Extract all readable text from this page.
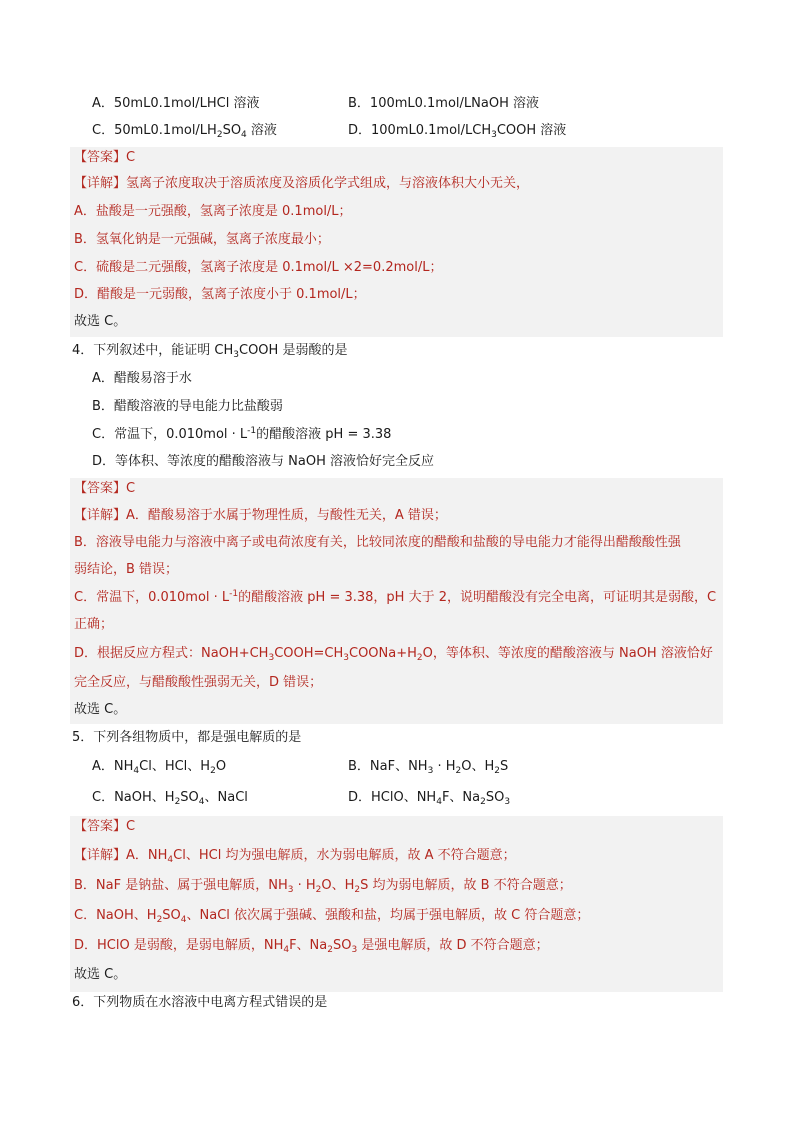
A．50mL0.1mol/LHCl 溶液	B．100mL0.1mol/LNaOH 溶液
C．$50mL0.1mol/LH_2SO_4$ 溶液	D．$100mL0.1mol/LCH_3COOH$ 溶液
【答案】C
【详解】氢离子浓度取决于溶质浓度及溶质化学式组成，与溶液体积大小无关，
A．盐酸是一元强酸，氢离子浓度是 0.1mol/L；
B．氢氧化钠是一元强碱，氢离子浓度最小；
C．硫酸是二元强酸，氢离子浓度是 0.1mol/L ×2=0.2mol/L；
D．醋酸是一元弱酸，氢离子浓度小于 0.1mol/L；
故选 C。
4．下列叙述中，能证明 $CH_3COOH$ 是弱酸的是
A．醋酸易溶于水
B．醋酸溶液的导电能力比盐酸弱
C．常温下，$0.010mol \cdot L^{-1}$的醋酸溶液 pH = 3.38
D．等体积、等浓度的醋酸溶液与 NaOH 溶液恰好完全反应
【答案】C
【详解】A．醋酸易溶于水属于物理性质，与酸性无关，A 错误；
B．溶液导电能力与溶液中离子或电荷浓度有关，比较同浓度的醋酸和盐酸的导电能力才能得出醋酸酸性强
弱结论，B 错误；
C．常温下，$0.010mol \cdot L^{-1}$的醋酸溶液 pH = 3.38，pH 大于 2，说明醋酸没有完全电离，可证明其是弱酸，C
正确；
D．根据反应方程式：$NaOH+CH_3COOH=CH_3COONa+H_2O$，等体积、等浓度的醋酸溶液与 NaOH 溶液恰好
完全反应，与醋酸酸性强弱无关，D 错误；
故选 C。
5．下列各组物质中，都是强电解质的是
A．$NH_4Cl$、HCl、$H_2O$	B．NaF、$NH_3 \cdot H_2O$、$H_2S$
C．NaOH、$H_2SO_4$、NaCl	D．HClO、$NH_4F$、$Na_2SO_3$
【答案】C
【详解】A．$NH_4Cl$、HCl 均为强电解质，水为弱电解质，故 A 不符合题意；
B．NaF 是钠盐、属于强电解质，$NH_3 \cdot H_2O$、$H_2S$ 均为弱电解质，故 B 不符合题意；
C．NaOH、$H_2SO_4$、NaCl 依次属于强碱、强酸和盐，均属于强电解质，故 C 符合题意；
D．HClO 是弱酸，是弱电解质，$NH_4F$、$Na_2SO_3$ 是强电解质，故 D 不符合题意；
故选 C。
6．下列物质在水溶液中电离方程式错误的是
